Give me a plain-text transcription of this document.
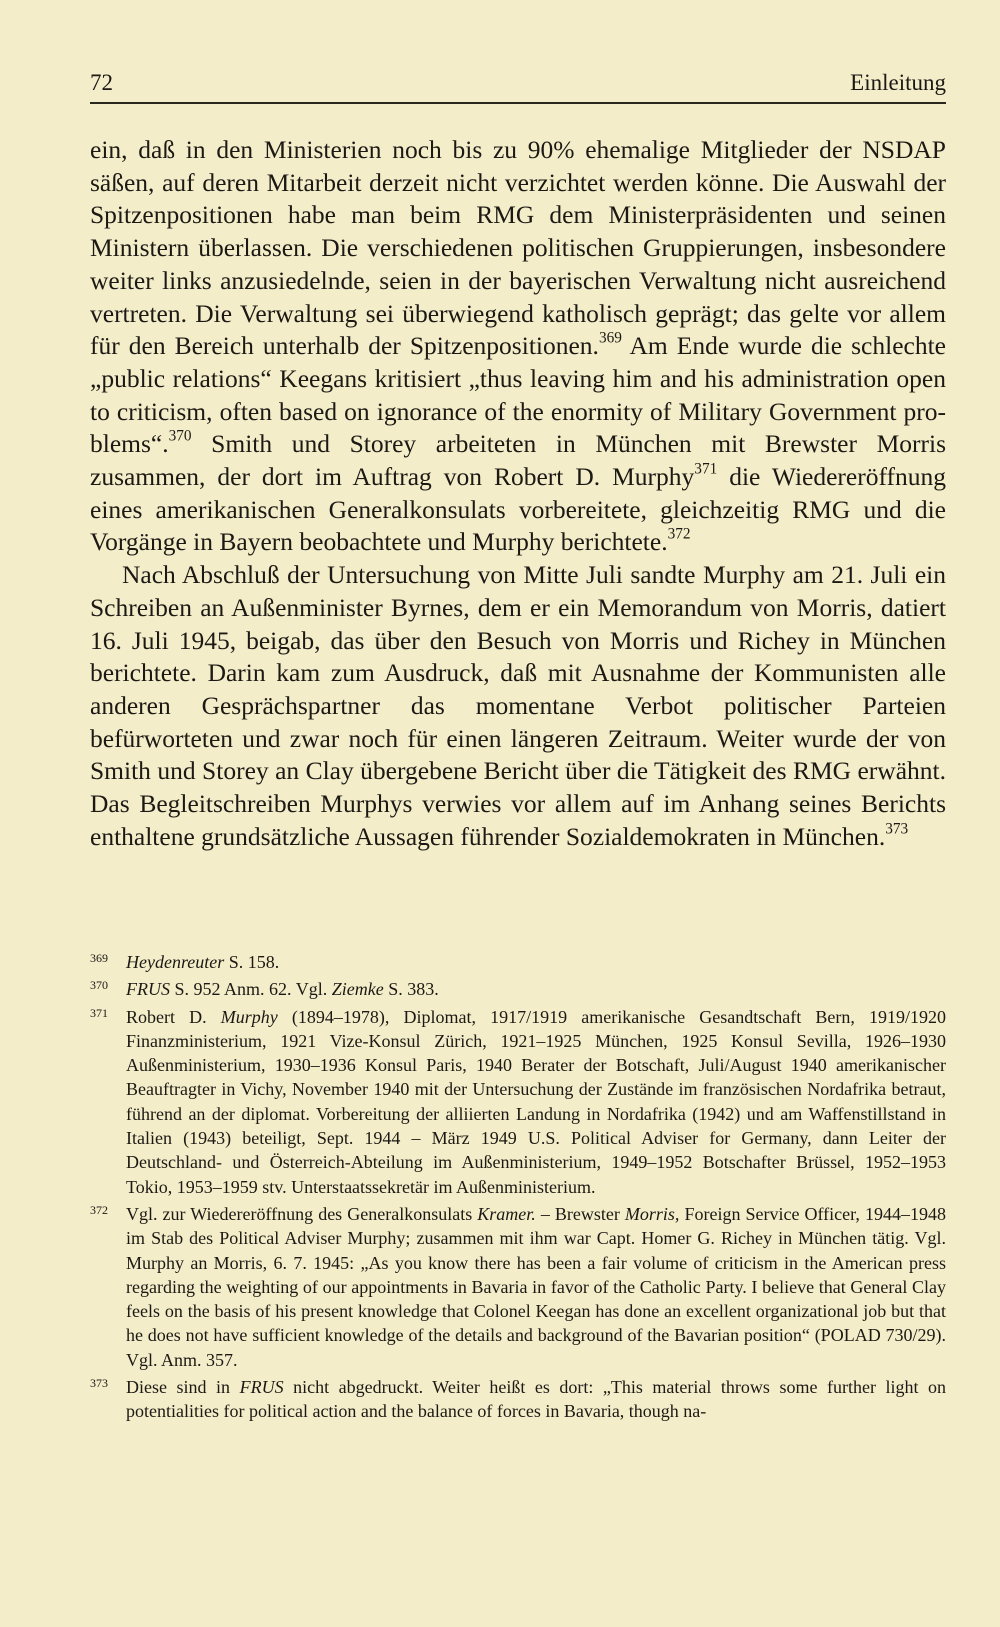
72	Einleitung

ein, daß in den Ministerien noch bis zu 90% ehemalige Mitglieder der NSDAP säßen, auf deren Mitarbeit derzeit nicht verzichtet werden könne. Die Auswahl der Spitzenpositionen habe man beim RMG dem Ministerpräsidenten und seinen Ministern überlassen. Die verschiedenen politischen Gruppierungen, insbesondere weiter links anzusiedelnde, seien in der bayerischen Verwaltung nicht ausreichend vertreten. Die Verwaltung sei überwiegend katholisch geprägt; das gelte vor allem für den Bereich unterhalb der Spitzenpositionen.$^{369}$ Am Ende wurde die schlechte „public relations“ Keegans kritisiert „thus leaving him and his administration open to criticism, often based on ignorance of the enormity of Military Government problems“.$^{370}$ Smith und Storey arbeiteten in München mit Brewster Morris zusammen, der dort im Auftrag von Robert D. Murphy$^{371}$ die Wiedereröffnung eines amerikanischen Generalkonsulats vorbereitete, gleichzeitig RMG und die Vorgänge in Bayern beobachtete und Murphy berichtete.$^{372}$

Nach Abschluß der Untersuchung von Mitte Juli sandte Murphy am 21. Juli ein Schreiben an Außenminister Byrnes, dem er ein Memorandum von Morris, datiert 16. Juli 1945, beigab, das über den Besuch von Morris und Richey in München berichtete. Darin kam zum Ausdruck, daß mit Ausnahme der Kommunisten alle anderen Gesprächspartner das momentane Verbot politischer Parteien befürworteten und zwar noch für einen längeren Zeitraum. Weiter wurde der von Smith und Storey an Clay übergebene Bericht über die Tätigkeit des RMG erwähnt. Das Begleitschreiben Murphys verwies vor allem auf im Anhang seines Berichts enthaltene grundsätzliche Aussagen führender Sozialdemokraten in München.$^{373}$

369 Heydenreuter S. 158.
370 FRUS S. 952 Anm. 62. Vgl. Ziemke S. 383.
371 Robert D. Murphy (1894–1978), Diplomat, 1917/1919 amerikanische Gesandtschaft Bern, 1919/1920 Finanzministerium, 1921 Vize-Konsul Zürich, 1921–1925 München, 1925 Konsul Sevilla, 1926–1930 Außenministerium, 1930–1936 Konsul Paris, 1940 Berater der Botschaft, Juli/August 1940 amerikanischer Beauftragter in Vichy, November 1940 mit der Untersuchung der Zustände im französischen Nordafrika betraut, führend an der diplomat. Vorbereitung der alliierten Landung in Nordafrika (1942) und am Waffenstillstand in Italien (1943) beteiligt, Sept. 1944 – März 1949 U.S. Political Adviser for Germany, dann Leiter der Deutschland- und Österreich-Abteilung im Außenministerium, 1949–1952 Botschafter Brüssel, 1952–1953 Tokio, 1953–1959 stv. Unterstaatssekretär im Außenministerium.
372 Vgl. zur Wiedereröffnung des Generalkonsulats Kramer. – Brewster Morris, Foreign Service Officer, 1944–1948 im Stab des Political Adviser Murphy; zusammen mit ihm war Capt. Homer G. Richey in München tätig. Vgl. Murphy an Morris, 6. 7. 1945: „As you know there has been a fair volume of criticism in the American press regarding the weighting of our appointments in Bavaria in favor of the Catholic Party. I believe that General Clay feels on the basis of his present knowledge that Colonel Keegan has done an excellent organizational job but that he does not have sufficient knowledge of the details and background of the Bavarian position“ (POLAD 730/29). Vgl. Anm. 357.
373 Diese sind in FRUS nicht abgedruckt. Weiter heißt es dort: „This material throws some further light on potentialities for political action and the balance of forces in Bavaria, though na-
